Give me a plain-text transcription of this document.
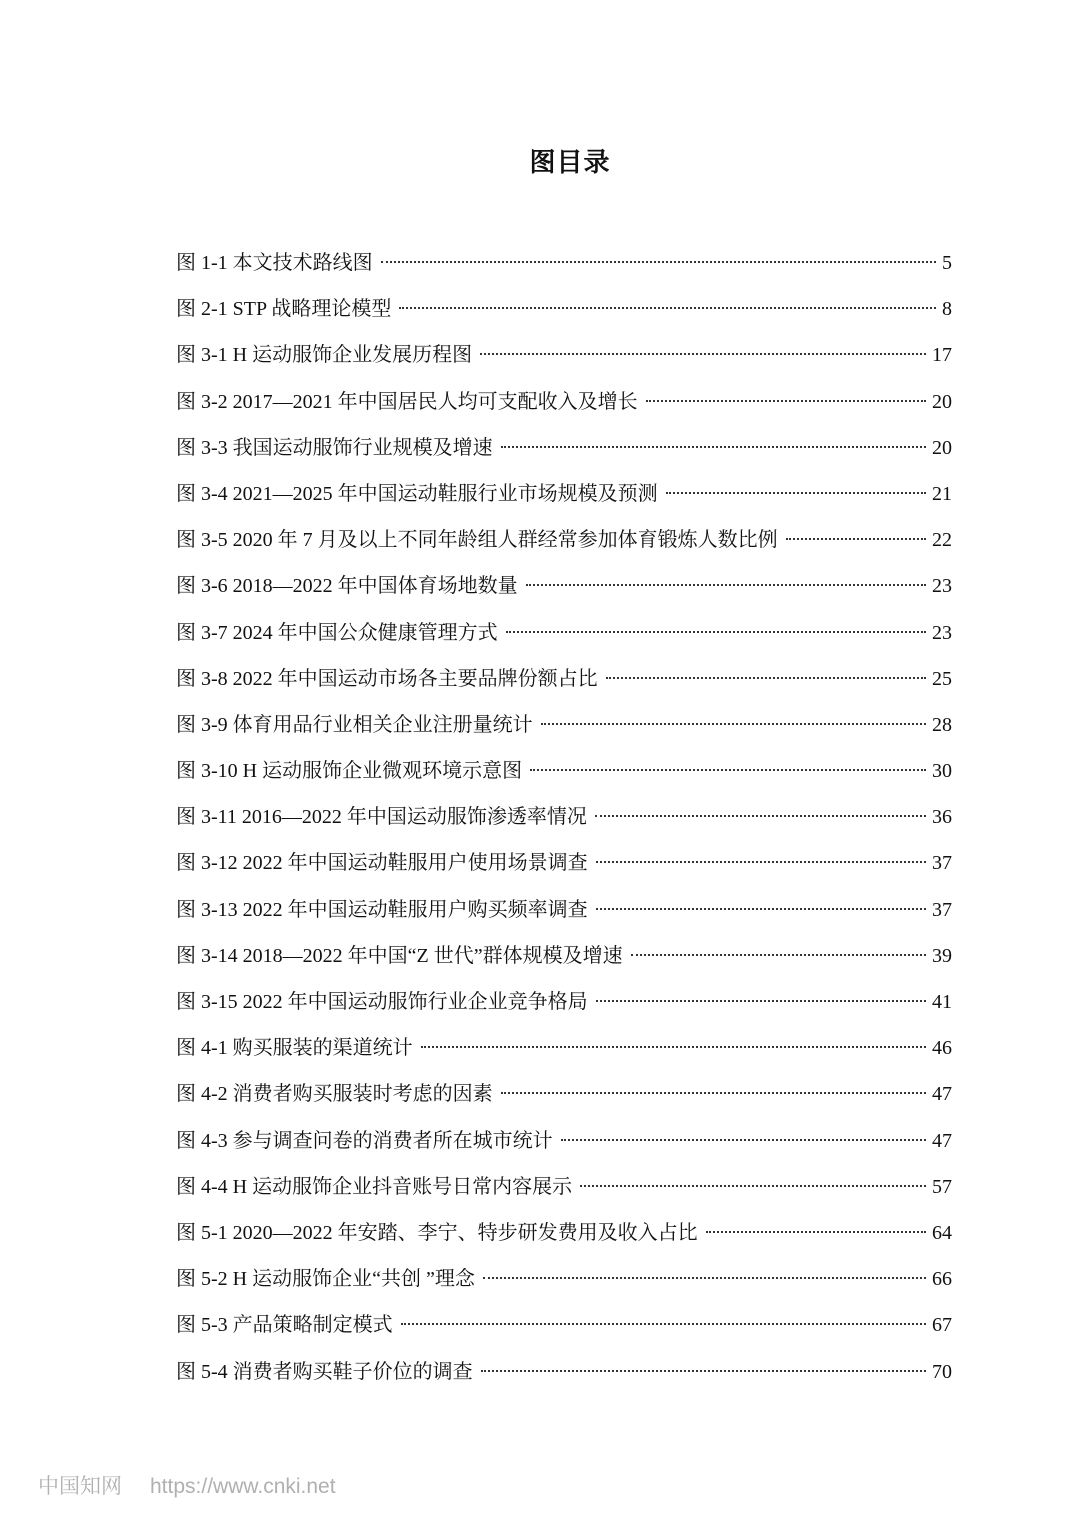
图目录
图 1-1 本文技术路线图	5
图 2-1 STP 战略理论模型	8
图 3-1 H 运动服饰企业发展历程图	17
图 3-2 2017—2021 年中国居民人均可支配收入及增长	20
图 3-3 我国运动服饰行业规模及增速	20
图 3-4 2021—2025 年中国运动鞋服行业市场规模及预测	21
图 3-5 2020 年 7 月及以上不同年龄组人群经常参加体育锻炼人数比例	22
图 3-6 2018—2022 年中国体育场地数量	23
图 3-7 2024 年中国公众健康管理方式	23
图 3-8 2022 年中国运动市场各主要品牌份额占比	25
图 3-9 体育用品行业相关企业注册量统计	28
图 3-10 H 运动服饰企业微观环境示意图	30
图 3-11 2016—2022 年中国运动服饰渗透率情况	36
图 3-12 2022 年中国运动鞋服用户使用场景调查	37
图 3-13 2022 年中国运动鞋服用户购买频率调查	37
图 3-14 2018—2022 年中国“Z 世代”群体规模及增速	39
图 3-15 2022 年中国运动服饰行业企业竞争格局	41
图 4-1 购买服装的渠道统计	46
图 4-2 消费者购买服装时考虑的因素	47
图 4-3 参与调查问卷的消费者所在城市统计	47
图 4-4 H 运动服饰企业抖音账号日常内容展示	57
图 5-1 2020—2022 年安踏、李宁、特步研发费用及收入占比	64
图 5-2 H 运动服饰企业“共创 ”理念	66
图 5-3 产品策略制定模式	67
图 5-4 消费者购买鞋子价位的调查	70
中国知网 https://www.cnki.net
